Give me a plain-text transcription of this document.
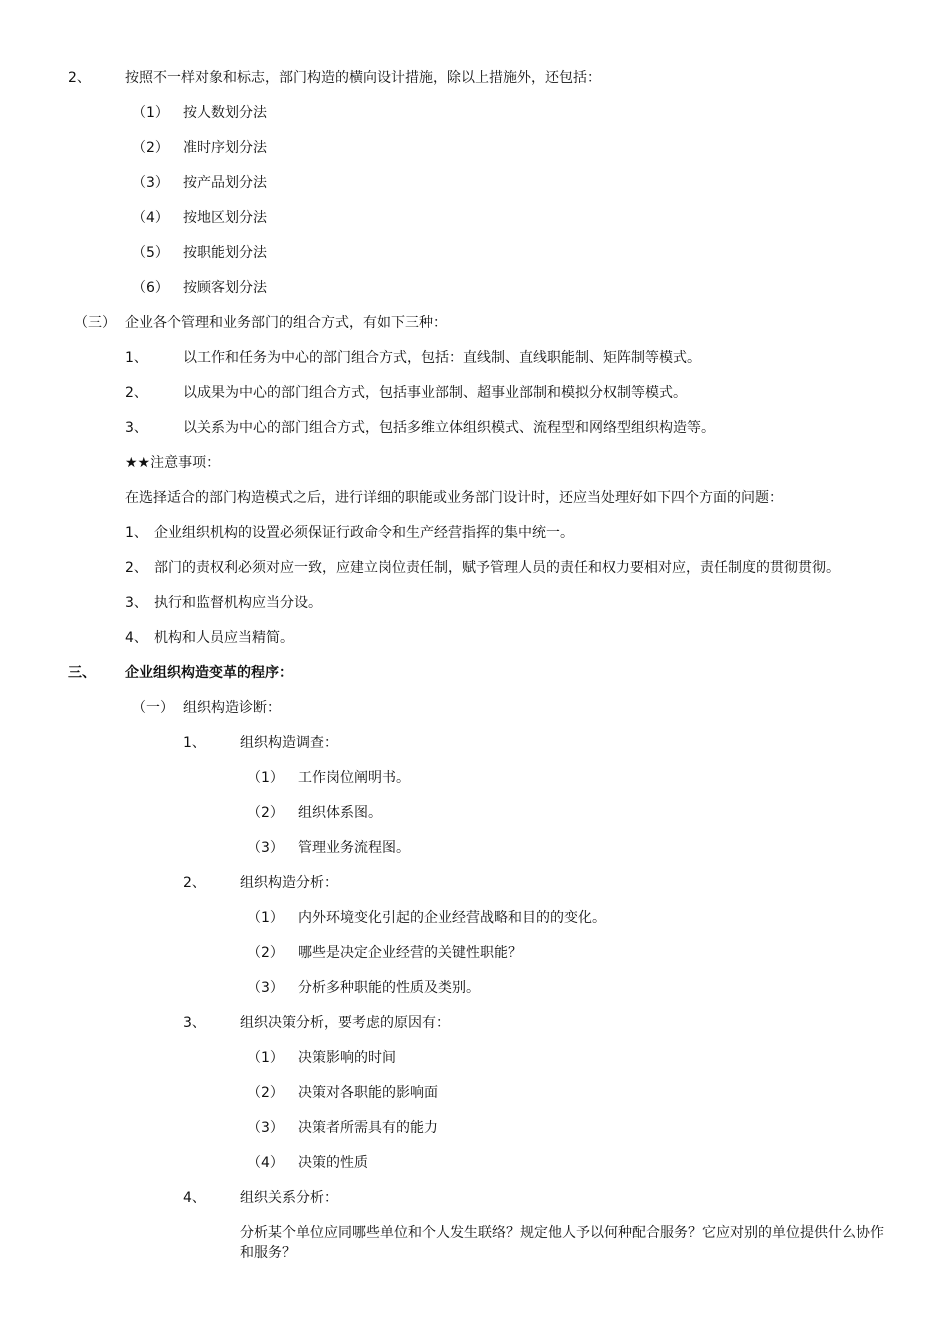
2、 按照不一样对象和标志，部门构造的横向设计措施，除以上措施外，还包括：
（1） 按人数划分法
（2） 准时序划分法
（3） 按产品划分法
（4） 按地区划分法
（5） 按职能划分法
（6） 按顾客划分法
（三） 企业各个管理和业务部门的组合方式，有如下三种：
1、	以工作和任务为中心的部门组合方式，包括：直线制、直线职能制、矩阵制等模式。
2、	以成果为中心的部门组合方式，包括事业部制、超事业部制和模拟分权制等模式。
3、	以关系为中心的部门组合方式，包括多维立体组织模式、流程型和网络型组织构造等。
★★注意事项：
在选择适合的部门构造模式之后，进行详细的职能或业务部门设计时，还应当处理好如下四个方面的问题：
1、 企业组织机构的设置必须保证行政命令和生产经营指挥的集中统一。
2、 部门的责权利必须对应一致，应建立岗位责任制，赋予管理人员的责任和权力要相对应，责任制度的贯彻贯彻。
3、 执行和监督机构应当分设。
4、 机构和人员应当精简。
三、 企业组织构造变革的程序：
（一） 组织构造诊断：
1、 组织构造调查：
（1） 工作岗位阐明书。
（2） 组织体系图。
（3） 管理业务流程图。
2、 组织构造分析：
（1） 内外环境变化引起的企业经营战略和目的的变化。
（2） 哪些是决定企业经营的关键性职能？
（3） 分析多种职能的性质及类别。
3、 组织决策分析，要考虑的原因有：
（1） 决策影响的时间
（2） 决策对各职能的影响面
（3） 决策者所需具有的能力
（4） 决策的性质
4、 组织关系分析：
分析某个单位应同哪些单位和个人发生联络？规定他人予以何种配合服务？它应对别的单位提供什么协作和服务？
